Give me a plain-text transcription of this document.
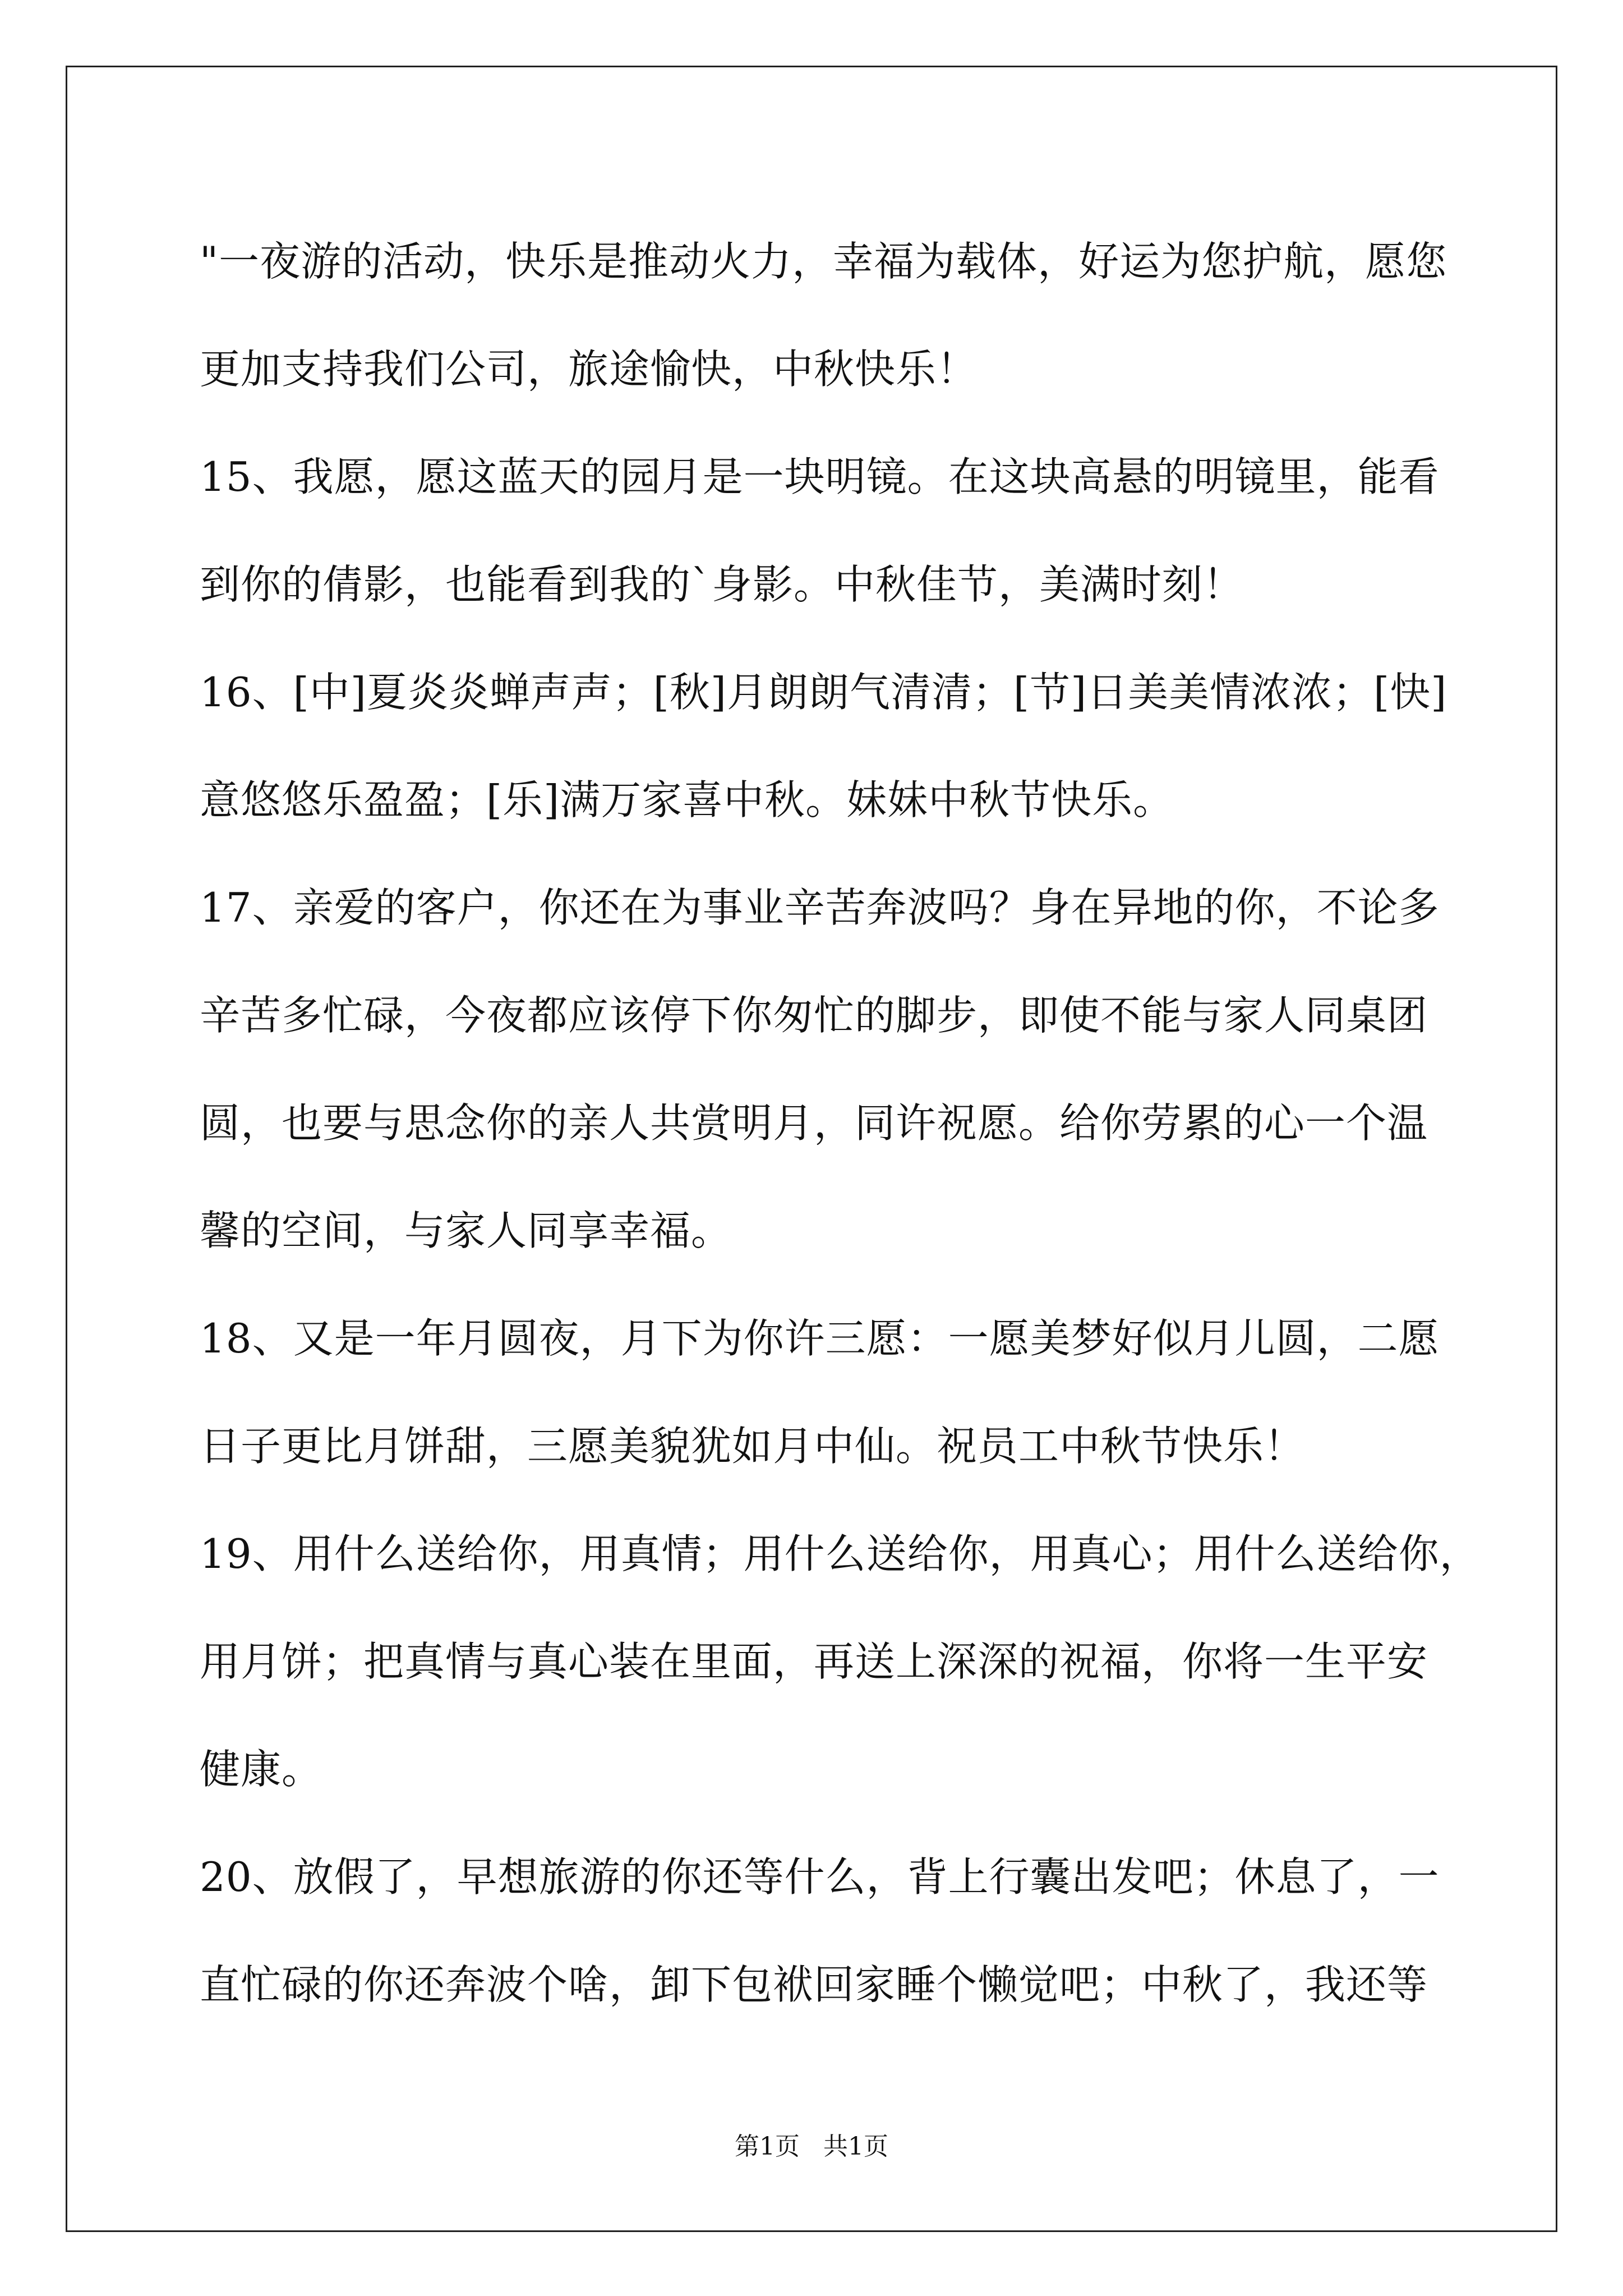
"一夜游的活动，快乐是推动火力，幸福为载体，好运为您护航，愿您
更加支持我们公司，旅途愉快，中秋快乐！
15、我愿，愿这蓝天的园月是一块明镜。在这块高悬的明镜里，能看
到你的倩影，也能看到我的`身影。中秋佳节，美满时刻！
16、[中]夏炎炎蝉声声；[秋]月朗朗气清清；[节]日美美情浓浓；[快]
意悠悠乐盈盈；[乐]满万家喜中秋。妹妹中秋节快乐。
17、亲爱的客户，你还在为事业辛苦奔波吗？身在异地的你，不论多
辛苦多忙碌，今夜都应该停下你匆忙的脚步，即使不能与家人同桌团
圆，也要与思念你的亲人共赏明月，同许祝愿。给你劳累的心一个温
馨的空间，与家人同享幸福。
18、又是一年月圆夜，月下为你许三愿：一愿美梦好似月儿圆，二愿
日子更比月饼甜，三愿美貌犹如月中仙。祝员工中秋节快乐！
19、用什么送给你，用真情；用什么送给你，用真心；用什么送给你，
用月饼；把真情与真心装在里面，再送上深深的祝福，你将一生平安
健康。
20、放假了，早想旅游的你还等什么，背上行囊出发吧；休息了，一
直忙碌的你还奔波个啥，卸下包袱回家睡个懒觉吧；中秋了，我还等
第1页 共1页
